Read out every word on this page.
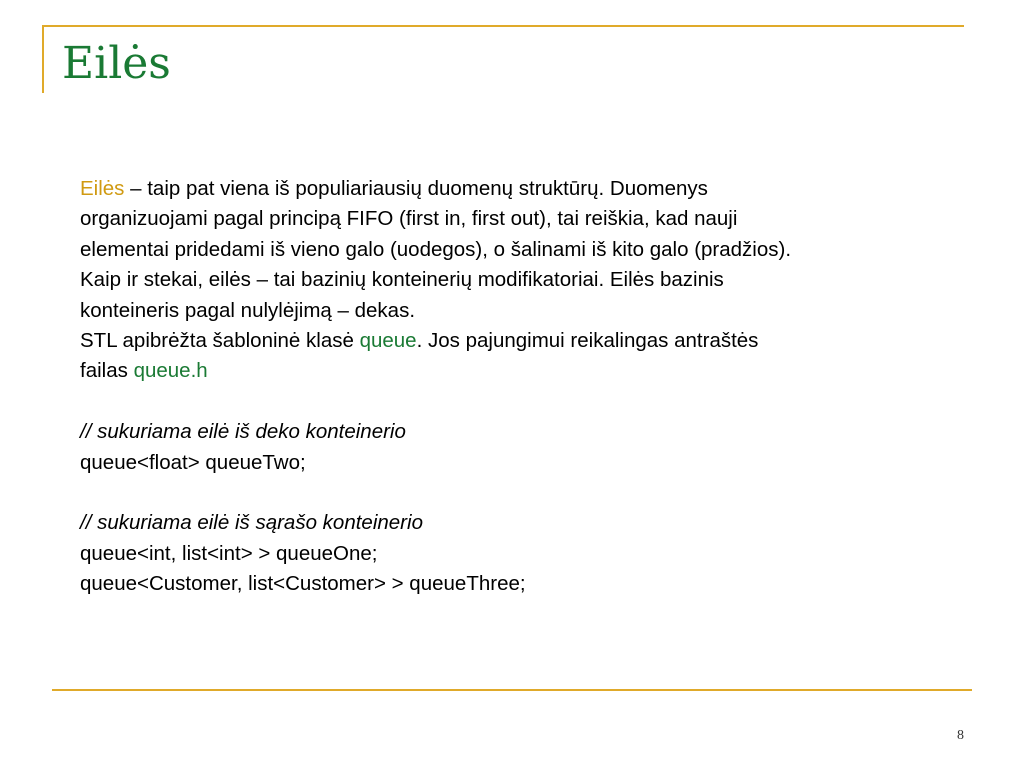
Eilės
Eilės – taip pat viena iš populiariausių duomenų struktūrų. Duomenys
organizuojami pagal principą FIFO (first in, first out), tai reiškia, kad nauji
elementai pridedami iš vieno galo (uodegos), o šalinami iš kito galo (pradžios).
Kaip ir stekai, eilės – tai bazinių konteinerių modifikatoriai. Eilės bazinis
konteineris pagal nulylėjimą – dekas.
STL apibrėžta šabloninė klasė queue. Jos pajungimui reikalingas antraštės
failas queue.h
// sukuriama eilė iš deko konteinerio
queue<float> queueTwo;
// sukuriama eilė iš sąrašo konteinerio
queue<int, list<int> > queueOne;
queue<Customer, list<Customer> > queueThree;
8
